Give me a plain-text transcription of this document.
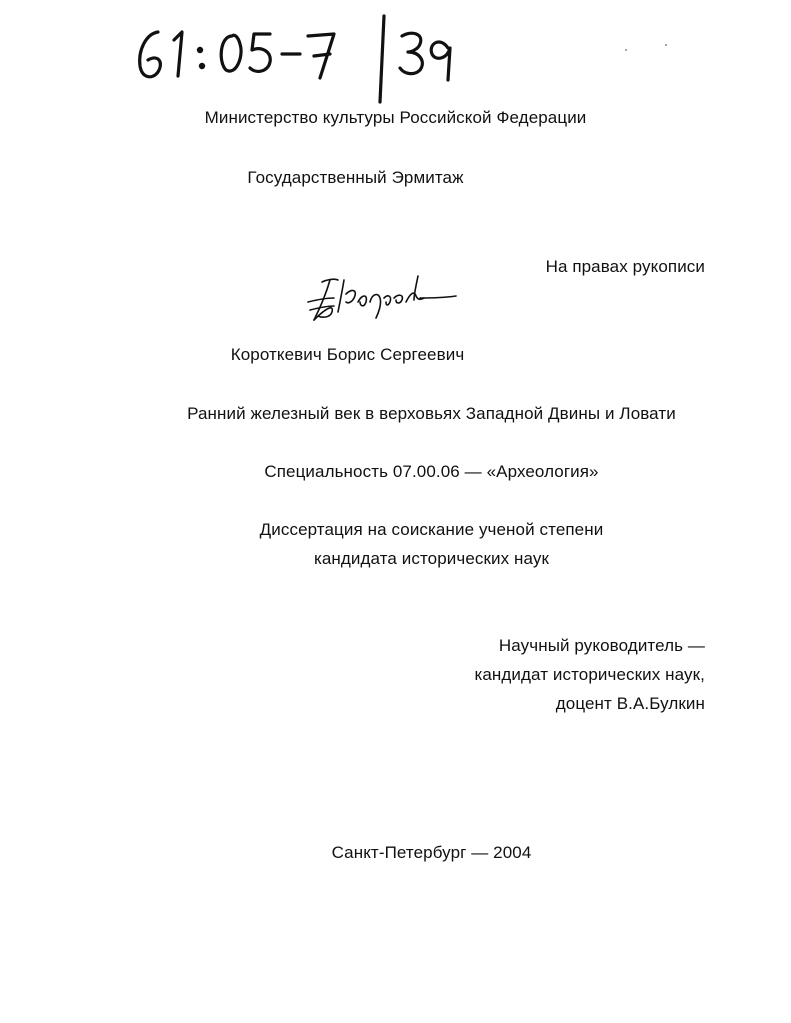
Министерство культуры Российской Федерации
Государственный Эрмитаж
На правах рукописи
Короткевич Борис Сергеевич
Ранний железный век в верховьях Западной Двины и Ловати
Специальность 07.00.06 — «Археология»
Диссертация на соискание ученой степени
кандидата исторических наук
Научный руководитель —
кандидат исторических наук,
доцент В.А.Булкин
Санкт-Петербург — 2004
